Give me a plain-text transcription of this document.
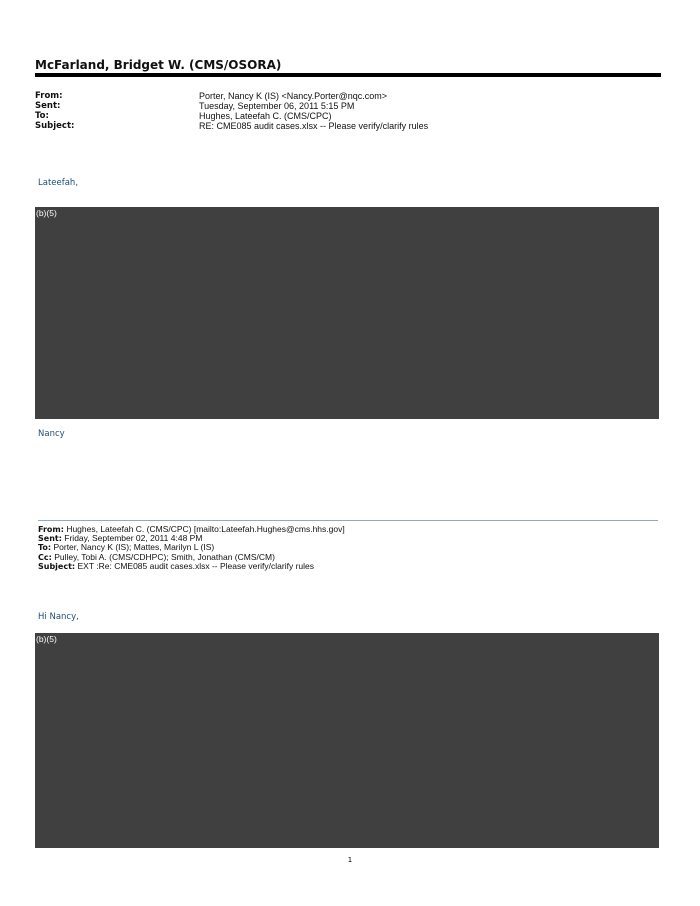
McFarland, Bridget W. (CMS/OSORA)
From:	Porter, Nancy K (IS) <Nancy.Porter@nqc.com>
Sent:	Tuesday, September 06, 2011 5:15 PM
To:	Hughes, Lateefah C. (CMS/CPC)
Subject:	RE: CME085 audit cases.xlsx -- Please verify/clarify rules
Lateefah,
(b)(5)
Nancy
From: Hughes, Lateefah C. (CMS/CPC) [mailto:Lateefah.Hughes@cms.hhs.gov]
Sent: Friday, September 02, 2011 4:48 PM
To: Porter, Nancy K (IS); Mattes, Marilyn L (IS)
Cc: Pulley, Tobi A. (CMS/CDHPC); Smith, Jonathan (CMS/CM)
Subject: EXT :Re: CME085 audit cases.xlsx -- Please verify/clarify rules
Hi Nancy,
(b)(5)
1
